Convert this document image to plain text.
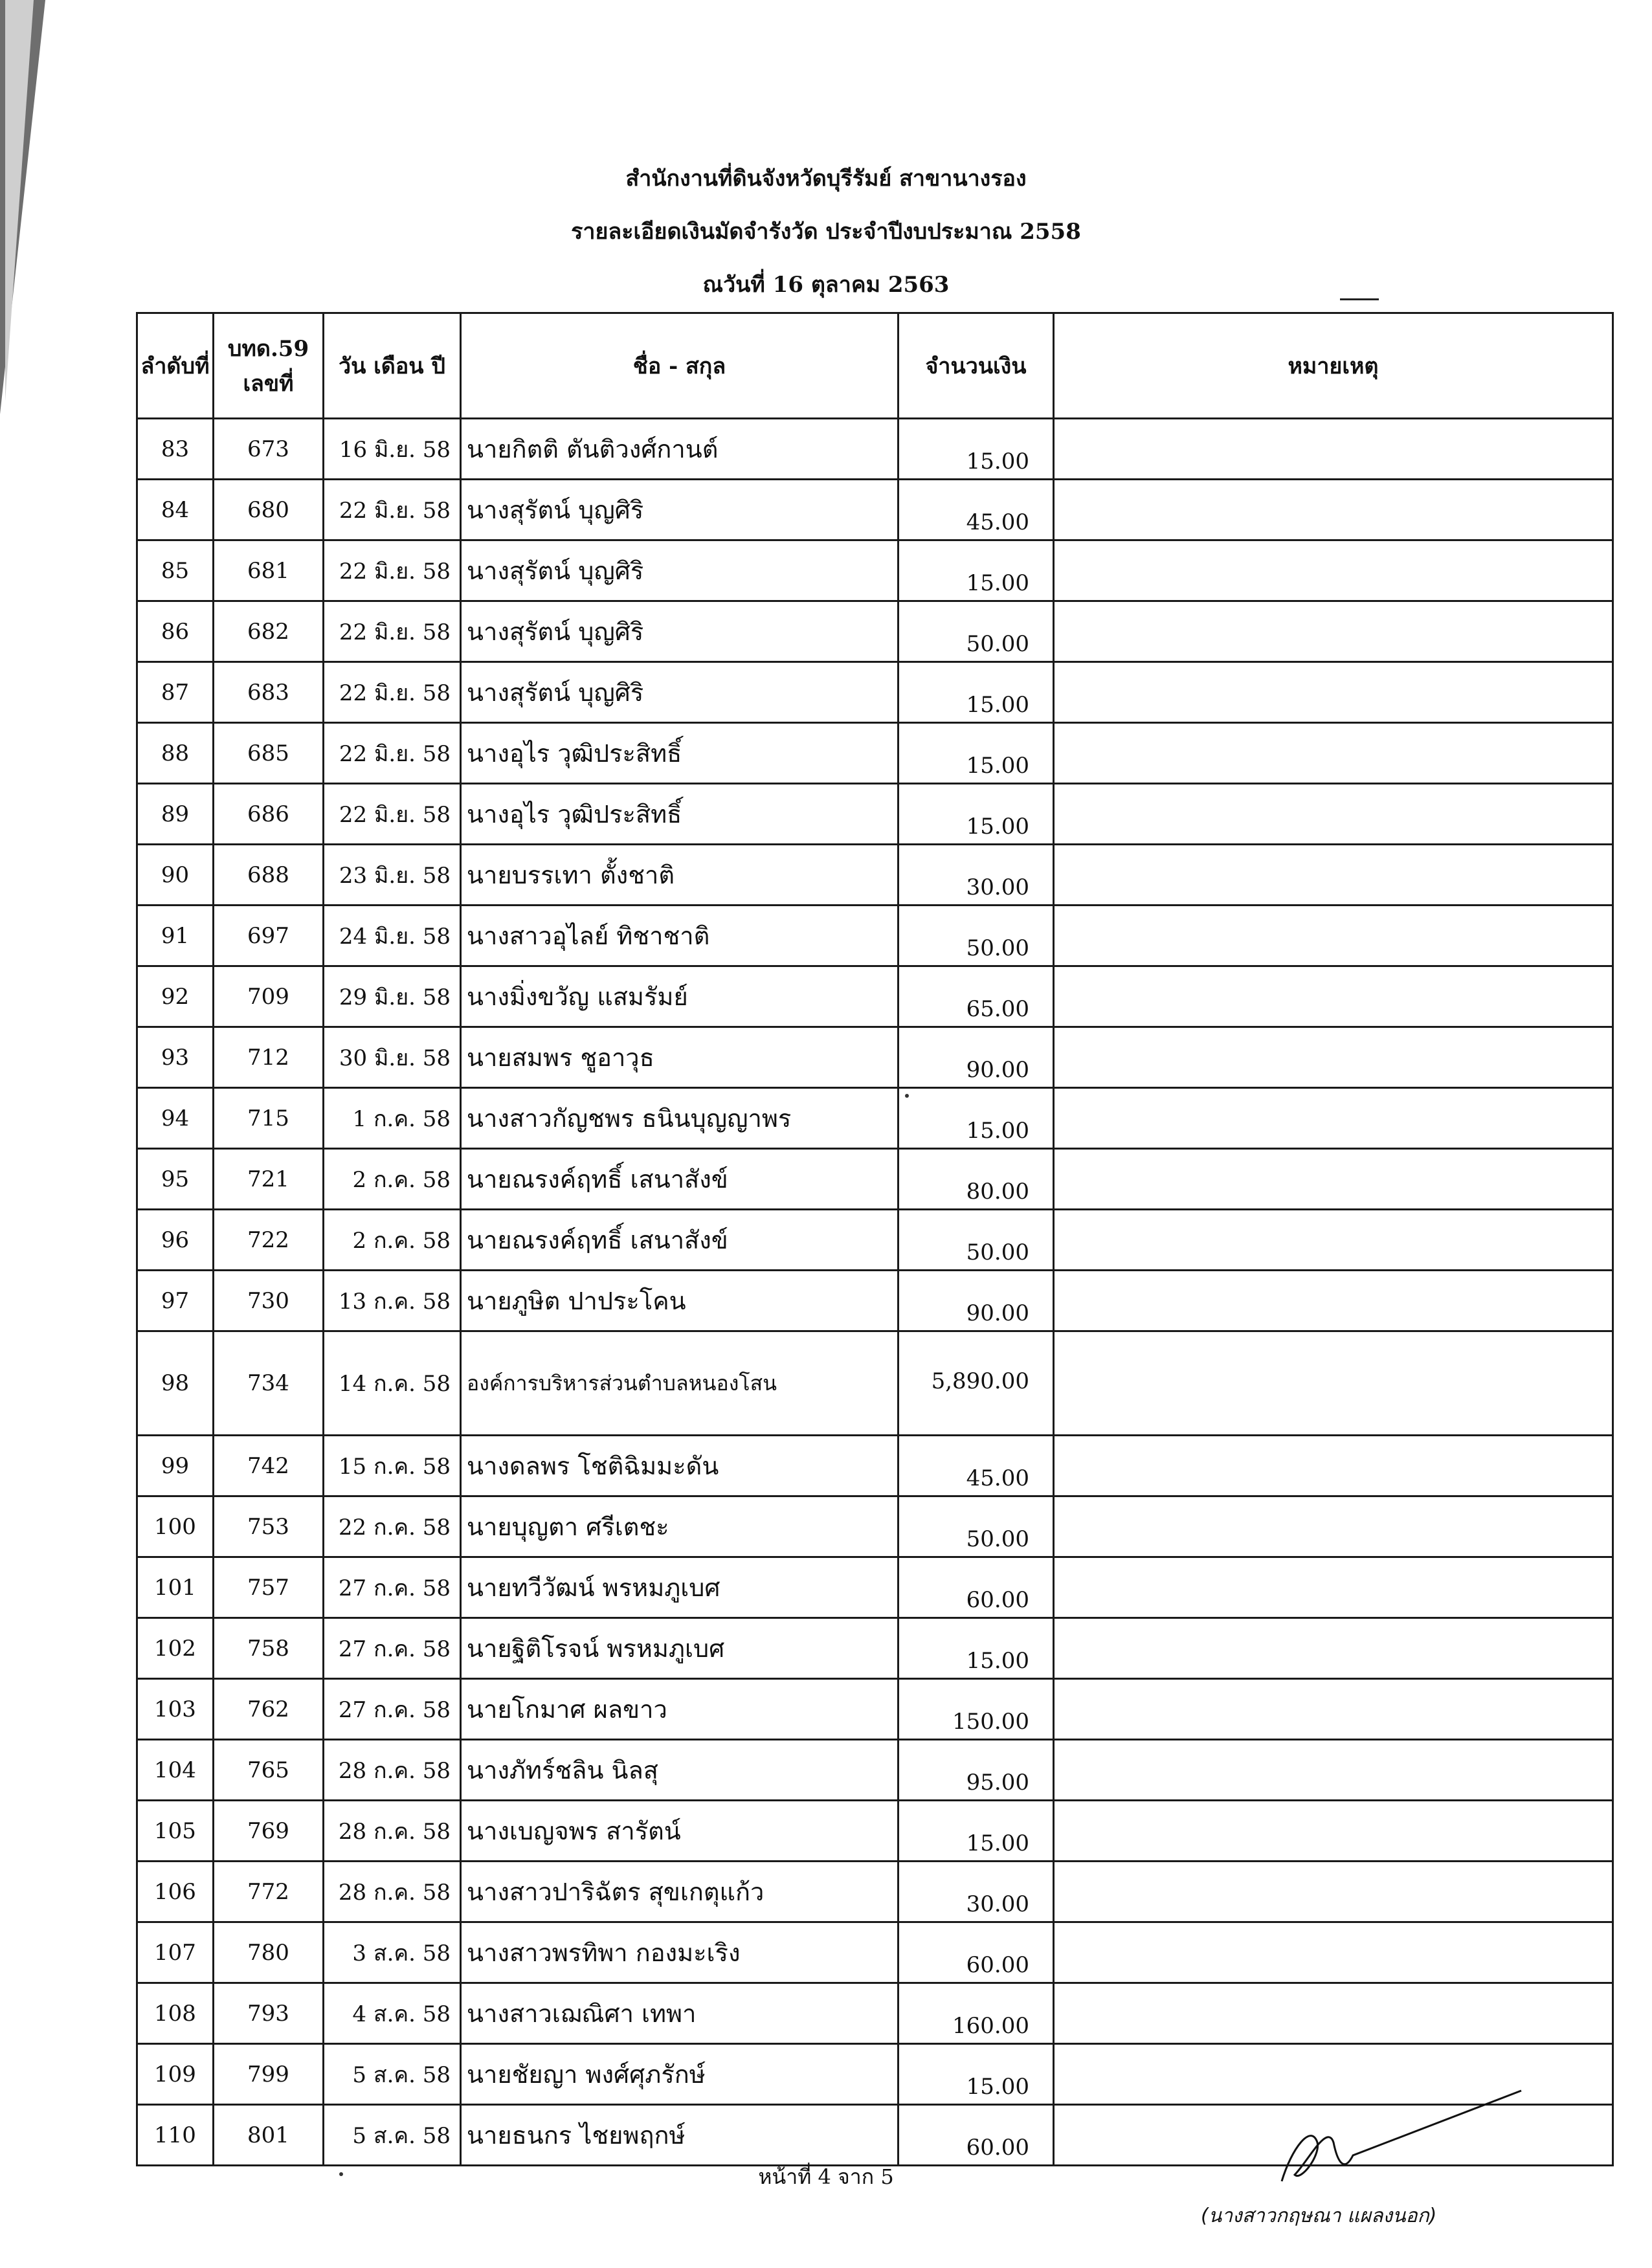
สำนักงานที่ดินจังหวัดบุรีรัมย์ สาขานางรอง
รายละเอียดเงินมัดจำรังวัด ประจำปีงบประมาณ 2558
ณวันที่ 16 ตุลาคม 2563
ลำดับที่	บทด.59 เลขที่	วัน เดือน ปี	ชื่อ - สกุล	จำนวนเงิน	หมายเหตุ
83	673	16 มิ.ย. 58	นายกิตติ ตันติวงศ์กานต์	15.00	
84	680	22 มิ.ย. 58	นางสุรัตน์ บุญศิริ	45.00	
85	681	22 มิ.ย. 58	นางสุรัตน์ บุญศิริ	15.00	
86	682	22 มิ.ย. 58	นางสุรัตน์ บุญศิริ	50.00	
87	683	22 มิ.ย. 58	นางสุรัตน์ บุญศิริ	15.00	
88	685	22 มิ.ย. 58	นางอุไร วุฒิประสิทธิ์	15.00	
89	686	22 มิ.ย. 58	นางอุไร วุฒิประสิทธิ์	15.00	
90	688	23 มิ.ย. 58	นายบรรเทา ตั้งชาติ	30.00	
91	697	24 มิ.ย. 58	นางสาวอุไลย์ ทิชาชาติ	50.00	
92	709	29 มิ.ย. 58	นางมิ่งขวัญ แสมรัมย์	65.00	
93	712	30 มิ.ย. 58	นายสมพร ชูอาวุธ	90.00	
94	715	1 ก.ค. 58	นางสาวกัญชพร ธนินบุญญาพร	15.00	
95	721	2 ก.ค. 58	นายณรงค์ฤทธิ์ เสนาสังข์	80.00	
96	722	2 ก.ค. 58	นายณรงค์ฤทธิ์ เสนาสังข์	50.00	
97	730	13 ก.ค. 58	นายภูษิต ปาประโคน	90.00	
98	734	14 ก.ค. 58	องค์การบริหารส่วนตำบลหนองโสน	5,890.00	
99	742	15 ก.ค. 58	นางดลพร โชติฉิมมะดัน	45.00	
100	753	22 ก.ค. 58	นายบุญตา ศรีเตชะ	50.00	
101	757	27 ก.ค. 58	นายทวีวัฒน์ พรหมภูเบศ	60.00	
102	758	27 ก.ค. 58	นายฐิติโรจน์ พรหมภูเบศ	15.00	
103	762	27 ก.ค. 58	นายโกมาศ ผลขาว	150.00	
104	765	28 ก.ค. 58	นางภัทร์ชลิน นิลสุ	95.00	
105	769	28 ก.ค. 58	นางเบญจพร สารัตน์	15.00	
106	772	28 ก.ค. 58	นางสาวปาริฉัตร สุขเกตุแก้ว	30.00	
107	780	3 ส.ค. 58	นางสาวพรทิพา กองมะเริง	60.00	
108	793	4 ส.ค. 58	นางสาวเฌณิศา เทพา	160.00	
109	799	5 ส.ค. 58	นายชัยญา พงศ์ศุภรักษ์	15.00	
110	801	5 ส.ค. 58	นายธนกร ไชยพฤกษ์	60.00	
หน้าที่ 4 จาก 5
(นางสาวกฤษณา แผลงนอก)
